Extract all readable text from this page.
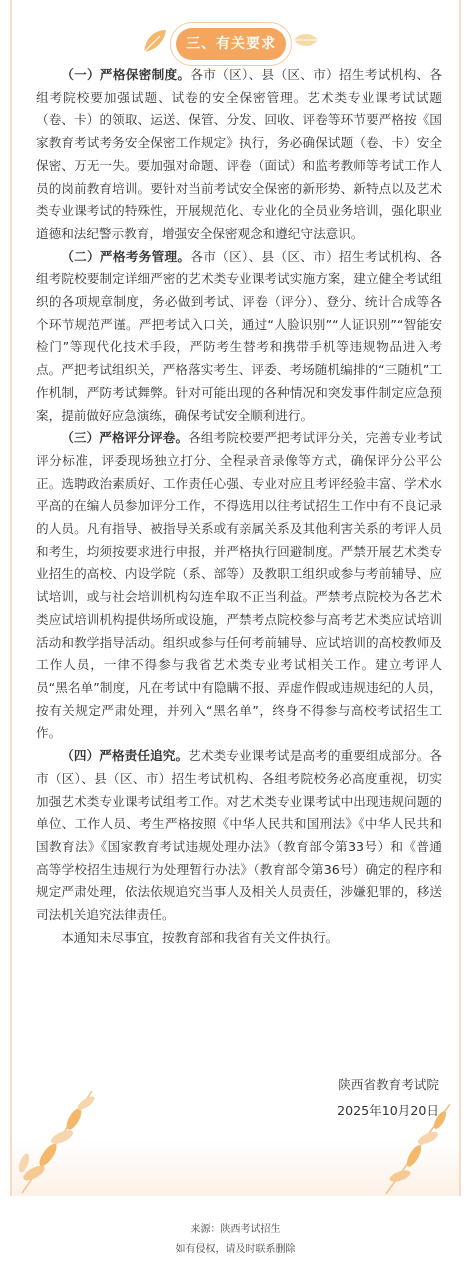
三、有关要求

（一）严格保密制度。各市（区）、县（区、市）招生考试机构、各组考院校要加强试题、试卷的安全保密管理。艺术类专业课考试试题（卷、卡）的领取、运送、保管、分发、回收、评卷等环节要严格按《国家教育考试考务安全保密工作规定》执行，务必确保试题（卷、卡）安全保密、万无一失。要加强对命题、评卷（面试）和监考教师等考试工作人员的岗前教育培训。要针对当前考试安全保密的新形势、新特点以及艺术类专业课考试的特殊性，开展规范化、专业化的全员业务培训，强化职业道德和法纪警示教育，增强安全保密观念和遵纪守法意识。

（二）严格考务管理。各市（区）、县（区、市）招生考试机构、各组考院校要制定详细严密的艺术类专业课考试实施方案，建立健全考试组织的各项规章制度，务必做到考试、评卷（评分）、登分、统计合成等各个环节规范严谨。严把考试入口关，通过“人脸识别”“人证识别”“智能安检门”等现代化技术手段，严防考生替考和携带手机等违规物品进入考点。严把考试组织关，严格落实考生、评委、考场随机编排的“三随机”工作机制，严防考试舞弊。针对可能出现的各种情况和突发事件制定应急预案，提前做好应急演练，确保考试安全顺利进行。

（三）严格评分评卷。各组考院校要严把考试评分关，完善专业考试评分标准，评委现场独立打分、全程录音录像等方式，确保评分公平公正。选聘政治素质好、工作责任心强、专业对应且考评经验丰富、学术水平高的在编人员参加评分工作，不得选用以往考试招生工作中有不良记录的人员。凡有指导、被指导关系或有亲属关系及其他利害关系的考评人员和考生，均须按要求进行申报，并严格执行回避制度。严禁开展艺术类专业招生的高校、内设学院（系、部等）及教职工组织或参与考前辅导、应试培训，或与社会培训机构勾连牟取不正当利益。严禁考点院校为各艺术类应试培训机构提供场所或设施，严禁考点院校参与高考艺术类应试培训活动和教学指导活动。组织或参与任何考前辅导、应试培训的高校教师及工作人员，一律不得参与我省艺术类专业考试相关工作。建立考评人员“黑名单”制度，凡在考试中有隐瞒不报、弄虚作假或违规违纪的人员，按有关规定严肃处理，并列入“黑名单”，终身不得参与高校考试招生工作。

（四）严格责任追究。艺术类专业课考试是高考的重要组成部分。各市（区）、县（区、市）招生考试机构、各组考院校务必高度重视，切实加强艺术类专业课考试组考工作。对艺术类专业课考试中出现违规问题的单位、工作人员、考生严格按照《中华人民共和国刑法》《中华人民共和国教育法》《国家教育考试违规处理办法》（教育部令第33号）和《普通高等学校招生违规行为处理暂行办法》（教育部令第36号）确定的程序和规定严肃处理，依法依规追究当事人及相关人员责任，涉嫌犯罪的，移送司法机关追究法律责任。

本通知未尽事宜，按教育部和我省有关文件执行。

陕西省教育考试院
2025年10月20日
来源：陕西考试招生
如有侵权，请及时联系删除
